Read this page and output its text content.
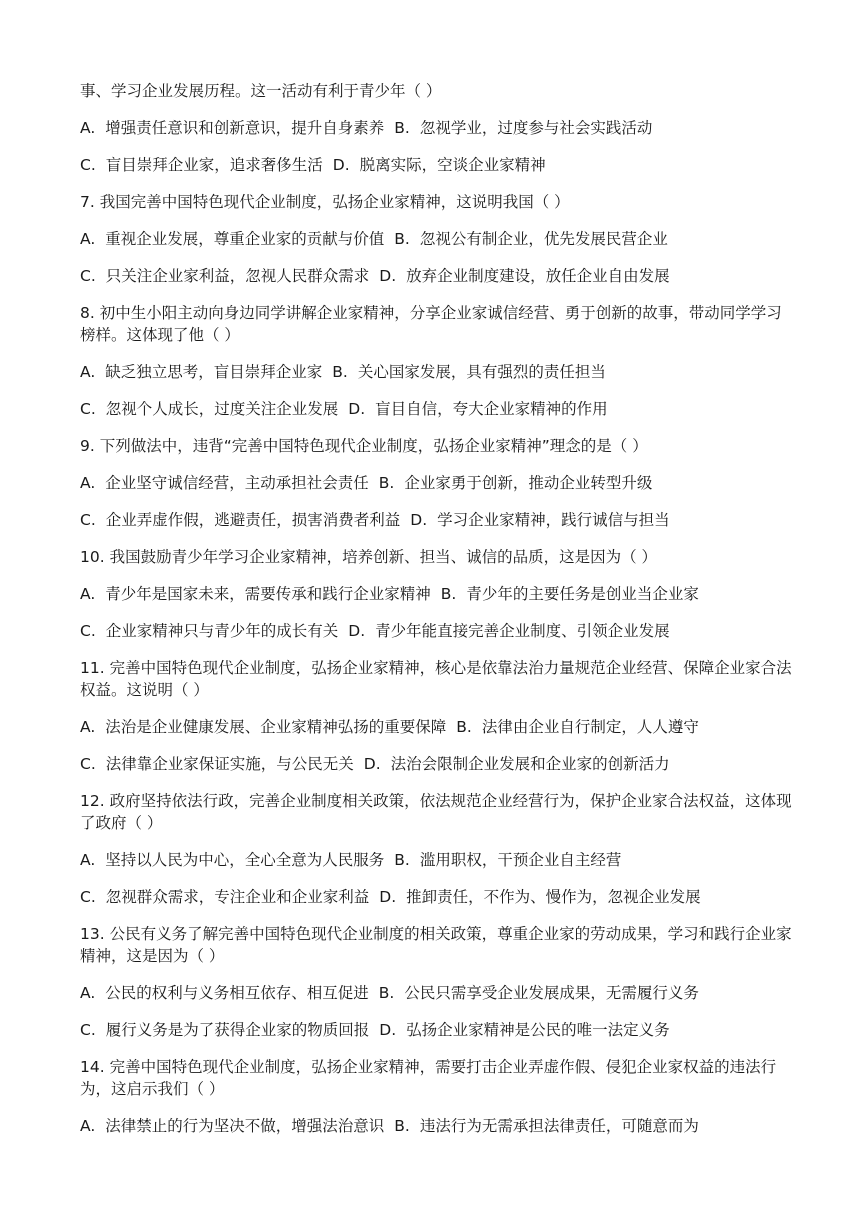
事、学习企业发展历程。这一活动有利于青少年（ ）
A. 增强责任意识和创新意识，提升自身素养 B. 忽视学业，过度参与社会实践活动
C. 盲目崇拜企业家，追求奢侈生活 D. 脱离实际，空谈企业家精神
7. 我国完善中国特色现代企业制度，弘扬企业家精神，这说明我国（ ）
A. 重视企业发展，尊重企业家的贡献与价值 B. 忽视公有制企业，优先发展民营企业
C. 只关注企业家利益，忽视人民群众需求 D. 放弃企业制度建设，放任企业自由发展
8. 初中生小阳主动向身边同学讲解企业家精神，分享企业家诚信经营、勇于创新的故事，带动同学学习榜样。这体现了他（ ）
A. 缺乏独立思考，盲目崇拜企业家 B. 关心国家发展，具有强烈的责任担当
C. 忽视个人成长，过度关注企业发展 D. 盲目自信，夸大企业家精神的作用
9. 下列做法中，违背“完善中国特色现代企业制度，弘扬企业家精神”理念的是（ ）
A. 企业坚守诚信经营，主动承担社会责任 B. 企业家勇于创新，推动企业转型升级
C. 企业弄虚作假，逃避责任，损害消费者利益 D. 学习企业家精神，践行诚信与担当
10. 我国鼓励青少年学习企业家精神，培养创新、担当、诚信的品质，这是因为（ ）
A. 青少年是国家未来，需要传承和践行企业家精神 B. 青少年的主要任务是创业当企业家
C. 企业家精神只与青少年的成长有关 D. 青少年能直接完善企业制度、引领企业发展
11. 完善中国特色现代企业制度，弘扬企业家精神，核心是依靠法治力量规范企业经营、保障企业家合法权益。这说明（ ）
A. 法治是企业健康发展、企业家精神弘扬的重要保障 B. 法律由企业自行制定，人人遵守
C. 法律靠企业家保证实施，与公民无关 D. 法治会限制企业发展和企业家的创新活力
12. 政府坚持依法行政，完善企业制度相关政策，依法规范企业经营行为，保护企业家合法权益，这体现了政府（ ）
A. 坚持以人民为中心，全心全意为人民服务 B. 滥用职权，干预企业自主经营
C. 忽视群众需求，专注企业和企业家利益 D. 推卸责任，不作为、慢作为，忽视企业发展
13. 公民有义务了解完善中国特色现代企业制度的相关政策，尊重企业家的劳动成果，学习和践行企业家精神，这是因为（ ）
A. 公民的权利与义务相互依存、相互促进 B. 公民只需享受企业发展成果，无需履行义务
C. 履行义务是为了获得企业家的物质回报 D. 弘扬企业家精神是公民的唯一法定义务
14. 完善中国特色现代企业制度，弘扬企业家精神，需要打击企业弄虚作假、侵犯企业家权益的违法行为，这启示我们（ ）
A. 法律禁止的行为坚决不做，增强法治意识 B. 违法行为无需承担法律责任，可随意而为
